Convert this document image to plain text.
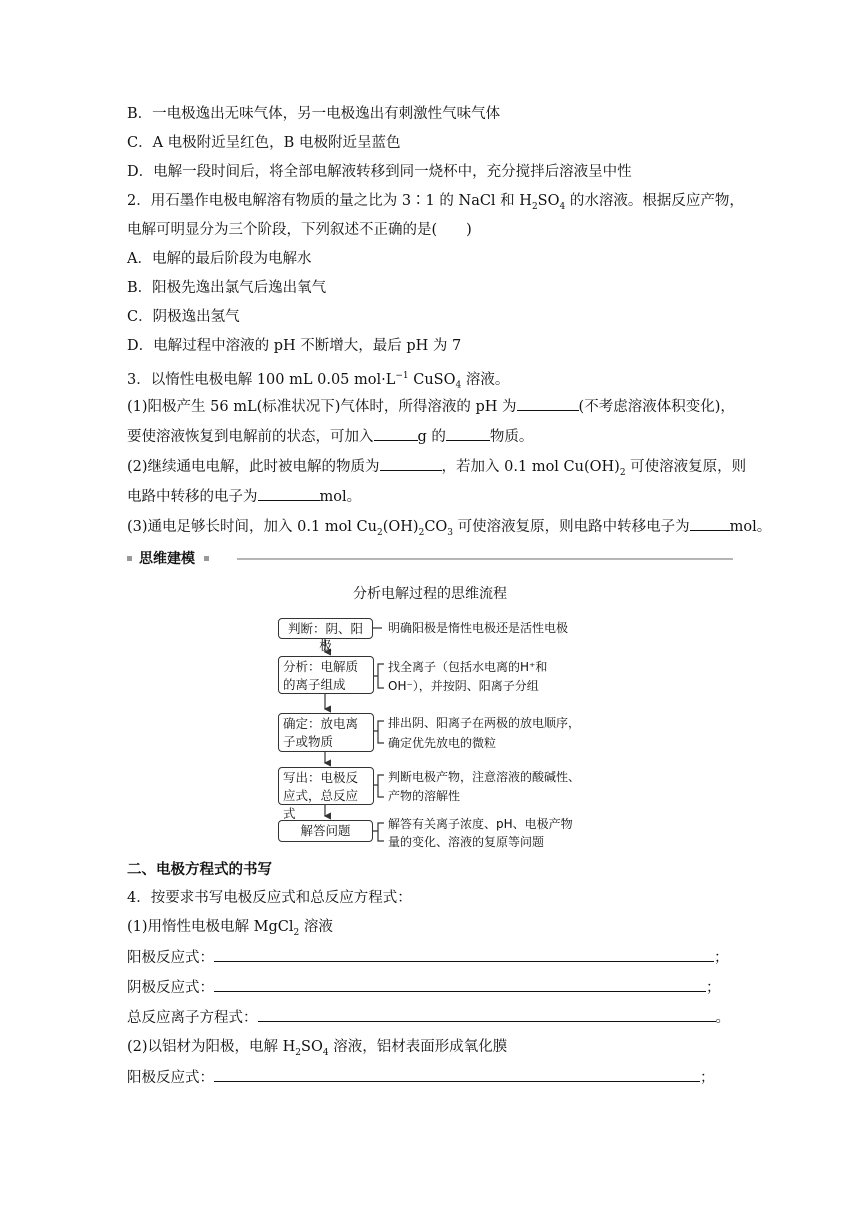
B．一电极逸出无味气体，另一电极逸出有刺激性气味气体
C．A 电极附近呈红色，B 电极附近呈蓝色
D．电解一段时间后，将全部电解液转移到同一烧杯中，充分搅拌后溶液呈中性
2．用石墨作电极电解溶有物质的量之比为 3∶1 的 NaCl 和 $H_2SO_4$ 的水溶液。根据反应产物，
电解可明显分为三个阶段，下列叙述不正确的是(　　)
A．电解的最后阶段为电解水
B．阳极先逸出氯气后逸出氧气
C．阴极逸出氢气
D．电解过程中溶液的 pH 不断增大，最后 pH 为 7
3．以惰性电极电解 100 mL 0.05 $mol\cdot L^{-1}$ CuSO$_4$ 溶液。
(1)阳极产生 56 mL(标准状况下)气体时，所得溶液的 pH 为	(不考虑溶液体积变化)，
要使溶液恢复到电解前的状态，可加入	g 的	物质。
(2)继续通电电解，此时被电解的物质为	，若加入 0.1 mol $Cu(OH)_2$ 可使溶液复原，则
电路中转移的电子为	mol。
(3)通电足够长时间，加入 0.1 mol $Cu_2(OH)_2CO_3$ 可使溶液复原，则电路中转移电子为	mol。
思维建模
分析电解过程的思维流程
判断：阴、阳极
明确阳极是惰性电极还是活性电极
分析：电解质的离子组成
找全离子（包括水电离的H⁺和
OH⁻），并按阴、阳离子分组
确定：放电离子或物质
排出阴、阳离子在两极的放电顺序，
确定优先放电的微粒
写出：电极反应式，总反应式
判断电极产物，注意溶液的酸碱性、
产物的溶解性
解答问题	解答有关离子浓度、pH、电极产物
量的变化、溶液的复原等问题
二、电极方程式的书写
4．按要求书写电极反应式和总反应方程式：
(1)用惰性电极电解 MgCl$_2$ 溶液
阳极反应式：	；
阴极反应式：	；
总反应离子方程式：	。
(2)以铝材为阳极，电解 $H_2SO_4$ 溶液，铝材表面形成氧化膜
阳极反应式：	；
